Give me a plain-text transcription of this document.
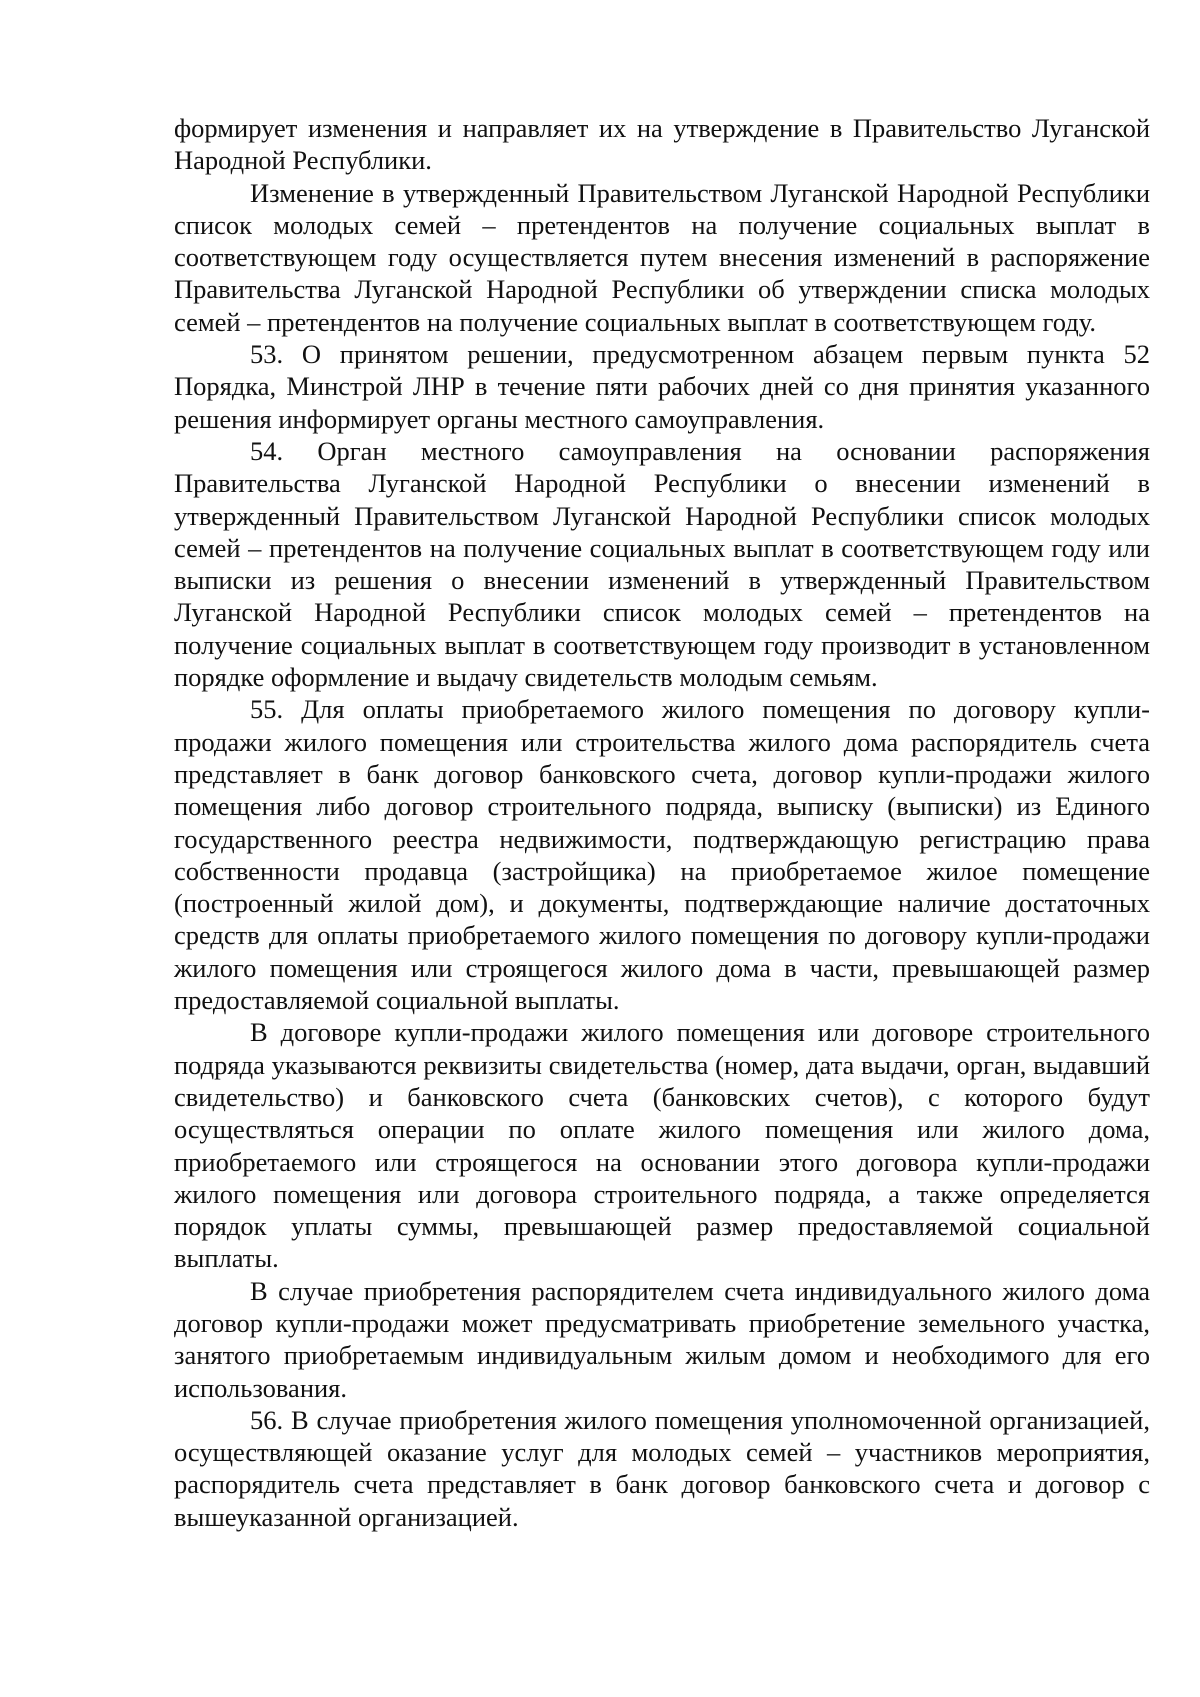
формирует изменения и направляет их на утверждение в Правительство Луганской Народной Республики.

Изменение в утвержденный Правительством Луганской Народной Республики список молодых семей – претендентов на получение социальных выплат в соответствующем году осуществляется путем внесения изменений в распоряжение Правительства Луганской Народной Республики об утверждении списка молодых семей – претендентов на получение социальных выплат в соответствующем году.

53. О принятом решении, предусмотренном абзацем первым пункта 52 Порядка, Минстрой ЛНР в течение пяти рабочих дней со дня принятия указанного решения информирует органы местного самоуправления.

54. Орган местного самоуправления на основании распоряжения Правительства Луганской Народной Республики о внесении изменений в утвержденный Правительством Луганской Народной Республики список молодых семей – претендентов на получение социальных выплат в соответствующем году или выписки из решения о внесении изменений в утвержденный Правительством Луганской Народной Республики список молодых семей – претендентов на получение социальных выплат в соответствующем году производит в установленном порядке оформление и выдачу свидетельств молодым семьям.

55. Для оплаты приобретаемого жилого помещения по договору купли-продажи жилого помещения или строительства жилого дома распорядитель счета представляет в банк договор банковского счета, договор купли-продажи жилого помещения либо договор строительного подряда, выписку (выписки) из Единого государственного реестра недвижимости, подтверждающую регистрацию права собственности продавца (застройщика) на приобретаемое жилое помещение (построенный жилой дом), и документы, подтверждающие наличие достаточных средств для оплаты приобретаемого жилого помещения по договору купли-продажи жилого помещения или строящегося жилого дома в части, превышающей размер предоставляемой социальной выплаты.

В договоре купли-продажи жилого помещения или договоре строительного подряда указываются реквизиты свидетельства (номер, дата выдачи, орган, выдавший свидетельство) и банковского счета (банковских счетов), с которого будут осуществляться операции по оплате жилого помещения или жилого дома, приобретаемого или строящегося на основании этого договора купли-продажи жилого помещения или договора строительного подряда, а также определяется порядок уплаты суммы, превышающей размер предоставляемой социальной выплаты.

В случае приобретения распорядителем счета индивидуального жилого дома договор купли-продажи может предусматривать приобретение земельного участка, занятого приобретаемым индивидуальным жилым домом и необходимого для его использования.

56. В случае приобретения жилого помещения уполномоченной организацией, осуществляющей оказание услуг для молодых семей – участников мероприятия, распорядитель счета представляет в банк договор банковского счета и договор с вышеуказанной организацией.
